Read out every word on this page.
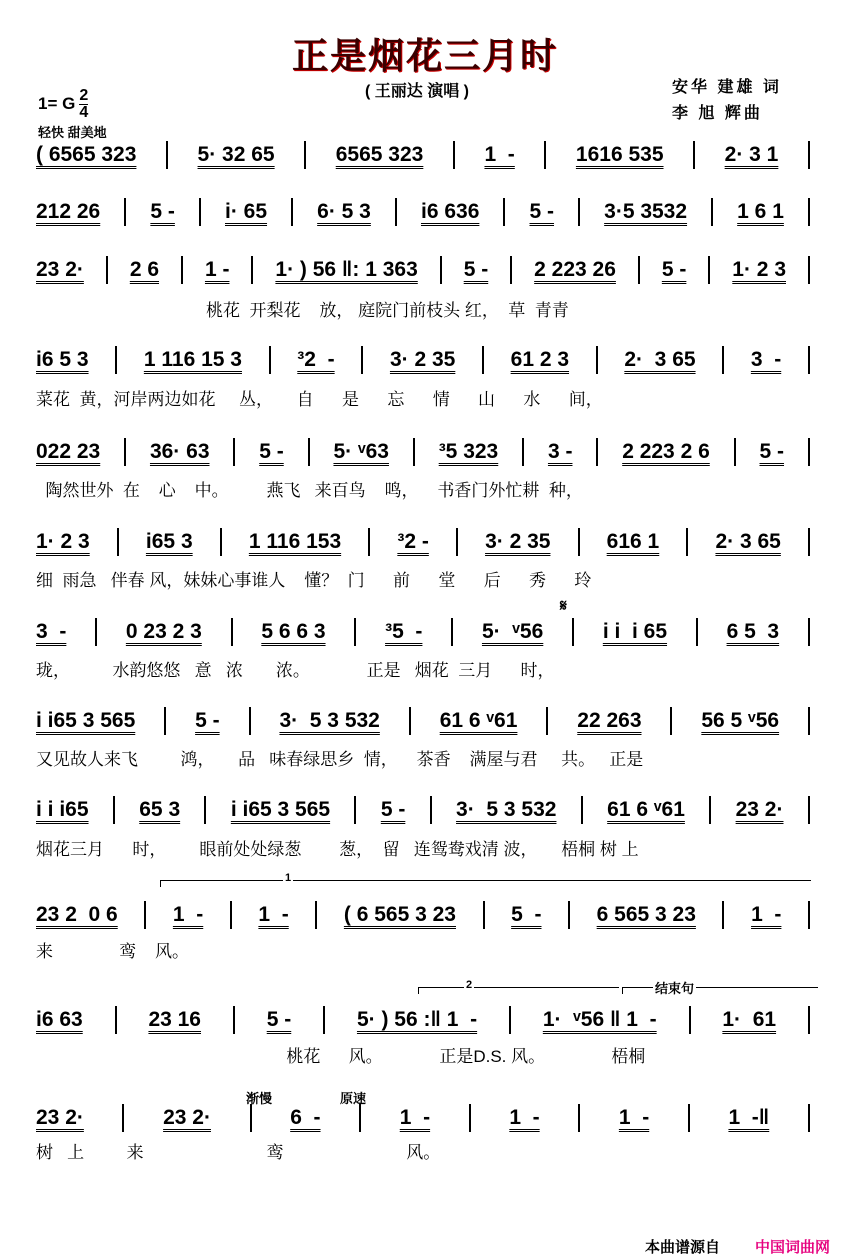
正是烟花三月时
( 王丽达 演唱 )	安华 建雄 词
李 旭 辉曲
1= G $\frac{2}{4}$
轻快 甜美地
( 6565 323	5· 32 65	6565 323	1  -	1616 535	2· 3 1
212 26 5 - i· 65 6· 5 3 i6 636 5 - 3·5 3532 1 6 1
23 2· 2 6 1 - 1· ) 56 ‖: 1 363 5 - 2 223 26 5 - 1· 2 3
桃花  开梨花    放， 庭院门前枝头 红，  草  青青
i6 5 3	1 116 15 3	³2  -	3· 2 35	61 2 3	2·  3 65	3  -
菜花  黄，河岸两边如花     丛，     自      是      忘      情      山      水      间，
022 23 36· 63 5 - 5· ᵛ63 ³5 323 3 - 2 223 2 6 5 -
陶然世外  在    心    中。        燕飞   来百鸟    鸣，    书香门外忙耕  种，
1· 2 3	i65 3	1 116 153	³2 -	3· 2 35	616 1	2· 3 65
细  雨急   伴春 风，妹妹心事谁人    懂？  门      前      堂      后      秀      玲
3  -	0 23 2 3	5 6 6 3	³5  -	5·  ᵛ56	i i  i 65	6 5  3
珑，         水韵悠悠   意   浓       浓。            正是   烟花  三月      时，
i i65 3 565	5 -	3·  5 3 532	61 6 ᵛ61	22 263	56 5 ᵛ56
又见故人来飞         鸿，     品   味春绿思乡  情，    茶香    满屋与君     共。   正是
i i i65 65 3 i i65 3 565 5 - 3·  5 3 532 61 6 ᵛ61 23 2·
烟花三月      时，       眼前处处绿葱        葱，  留   连鸳鸯戏清 波，     梧桐 树 上
23 2  0 6	1  -	1  -	( 6 565 3 23	5  -	6 565 3 23	1  -
来              鸾    风。
i6 63	23 16	5 -	5· ) 56 :‖ 1  -	1·  ᵛ56 ‖ 1  -	1·  61
桃花      风。            正是D.S. 风。              梧桐
23 2·	23 2·	6  -	1  -	1  -	1  -	1  -‖
树   上         来                          鸾                          风。
1
2	结束句
𝄋
渐慢	原速
本曲谱源自 中国词曲网
